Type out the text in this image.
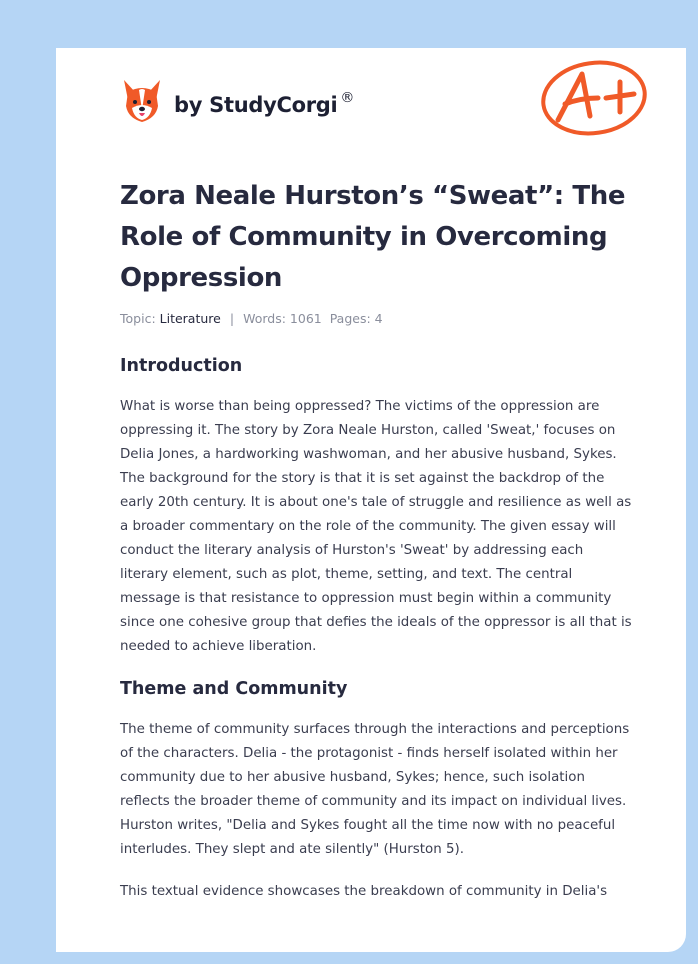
by StudyCorgi ®
Zora Neale Hurston’s “Sweat”: The Role of Community in Overcoming Oppression
Topic: Literature | Words: 1061 Pages: 4
Introduction

What is worse than being oppressed? The victims of the oppression are oppressing it. The story by Zora Neale Hurston, called 'Sweat,' focuses on Delia Jones, a hardworking washwoman, and her abusive husband, Sykes. The background for the story is that it is set against the backdrop of the early 20th century. It is about one's tale of struggle and resilience as well as a broader commentary on the role of the community. The given essay will conduct the literary analysis of Hurston's 'Sweat' by addressing each literary element, such as plot, theme, setting, and text. The central message is that resistance to oppression must begin within a community since one cohesive group that defies the ideals of the oppressor is all that is needed to achieve liberation.

Theme and Community

The theme of community surfaces through the interactions and perceptions of the characters. Delia - the protagonist - finds herself isolated within her community due to her abusive husband, Sykes; hence, such isolation reflects the broader theme of community and its impact on individual lives. Hurston writes, "Delia and Sykes fought all the time now with no peaceful interludes. They slept and ate silently" (Hurston 5).

This textual evidence showcases the breakdown of community in Delia's
